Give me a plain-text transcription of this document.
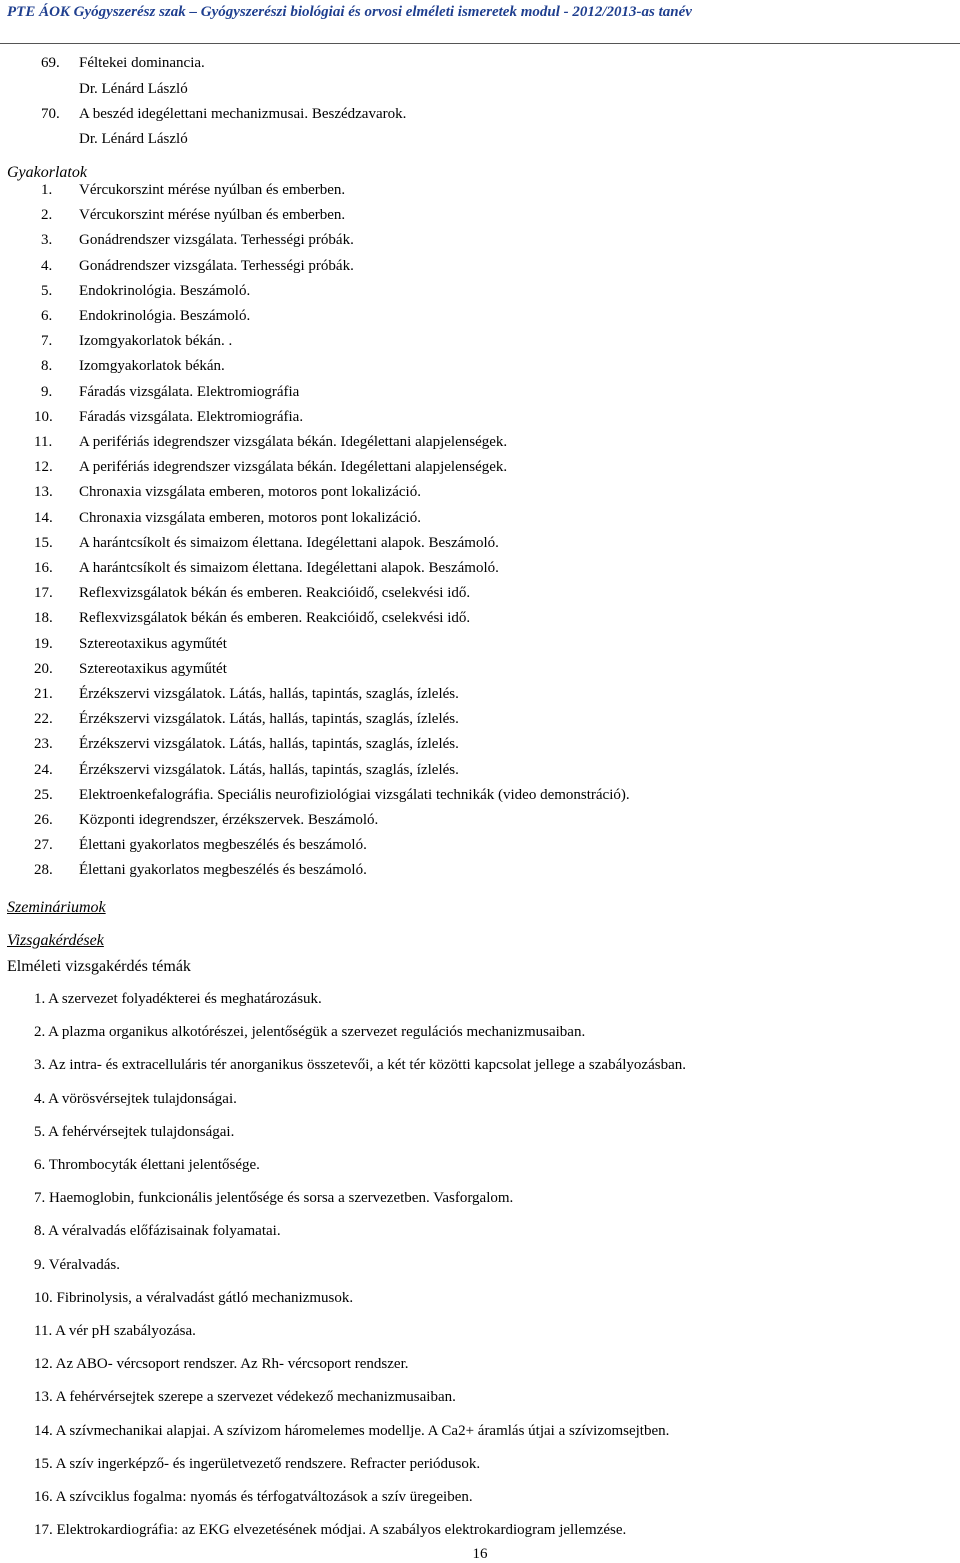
PTE ÁOK Gyógyszerész szak – Gyógyszerészi biológiai és orvosi elméleti ismeretek modul - 2012/2013-as tanév
69. Féltekei dominancia.
Dr. Lénárd László
70. A beszéd idegélettani mechanizmusai. Beszédzavarok.
Dr. Lénárd László
Gyakorlatok
1. Vércukorszint mérése nyúlban és emberben.
2. Vércukorszint mérése nyúlban és emberben.
3. Gonádrendszer vizsgálata. Terhességi próbák.
4. Gonádrendszer vizsgálata. Terhességi próbák.
5. Endokrinológia. Beszámoló.
6. Endokrinológia. Beszámoló.
7. Izomgyakorlatok békán. .
8. Izomgyakorlatok békán.
9. Fáradás vizsgálata. Elektromiográfia
10. Fáradás vizsgálata. Elektromiográfia.
11. A perifériás idegrendszer vizsgálata békán. Idegélettani alapjelenségek.
12. A perifériás idegrendszer vizsgálata békán. Idegélettani alapjelenségek.
13. Chronaxia vizsgálata emberen, motoros pont lokalizáció.
14. Chronaxia vizsgálata emberen, motoros pont lokalizáció.
15. A harántcsíkolt és simaizom élettana. Idegélettani alapok. Beszámoló.
16. A harántcsíkolt és simaizom élettana. Idegélettani alapok. Beszámoló.
17. Reflexvizsgálatok békán és emberen. Reakcióidő, cselekvési idő.
18. Reflexvizsgálatok békán és emberen. Reakcióidő, cselekvési idő.
19. Sztereotaxikus agyműtét
20. Sztereotaxikus agyműtét
21. Érzékszervi vizsgálatok. Látás, hallás, tapintás, szaglás, ízlelés.
22. Érzékszervi vizsgálatok. Látás, hallás, tapintás, szaglás, ízlelés.
23. Érzékszervi vizsgálatok. Látás, hallás, tapintás, szaglás, ízlelés.
24. Érzékszervi vizsgálatok. Látás, hallás, tapintás, szaglás, ízlelés.
25. Elektroenkefalográfia. Speciális neurofiziológiai vizsgálati technikák (video demonstráció).
26. Központi idegrendszer, érzékszervek. Beszámoló.
27. Élettani gyakorlatos megbeszélés és beszámoló.
28. Élettani gyakorlatos megbeszélés és beszámoló.
Szemináriumok
Vizsgakérdések
Elméleti vizsgakérdés témák
1. A szervezet folyadékterei és meghatározásuk.
2. A plazma organikus alkotórészei, jelentőségük a szervezet regulációs mechanizmusaiban.
3. Az intra- és extracelluláris tér anorganikus összetevői, a két tér közötti kapcsolat jellege a szabályozásban.
4. A vörösvérsejtek tulajdonságai.
5. A fehérvérsejtek tulajdonságai.
6. Thrombocyták élettani jelentősége.
7. Haemoglobin, funkcionális jelentősége és sorsa a szervezetben. Vasforgalom.
8. A véralvadás előfázisainak folyamatai.
9. Véralvadás.
10. Fibrinolysis, a véralvadást gátló mechanizmusok.
11. A vér pH szabályozása.
12. Az ABO- vércsoport rendszer. Az Rh- vércsoport rendszer.
13. A fehérvérsejtek szerepe a szervezet védekező mechanizmusaiban.
14. A szívmechanikai alapjai. A szívizom háromelemes modellje. A Ca2+ áramlás útjai a szívizomsejtben.
15. A szív ingerképző- és ingerületvezető rendszere. Refracter periódusok.
16. A szívciklus fogalma: nyomás és térfogatváltozások a szív üregeiben.
17. Elektrokardiográfia: az EKG elvezetésének módjai. A szabályos elektrokardiogram jellemzése.
16
